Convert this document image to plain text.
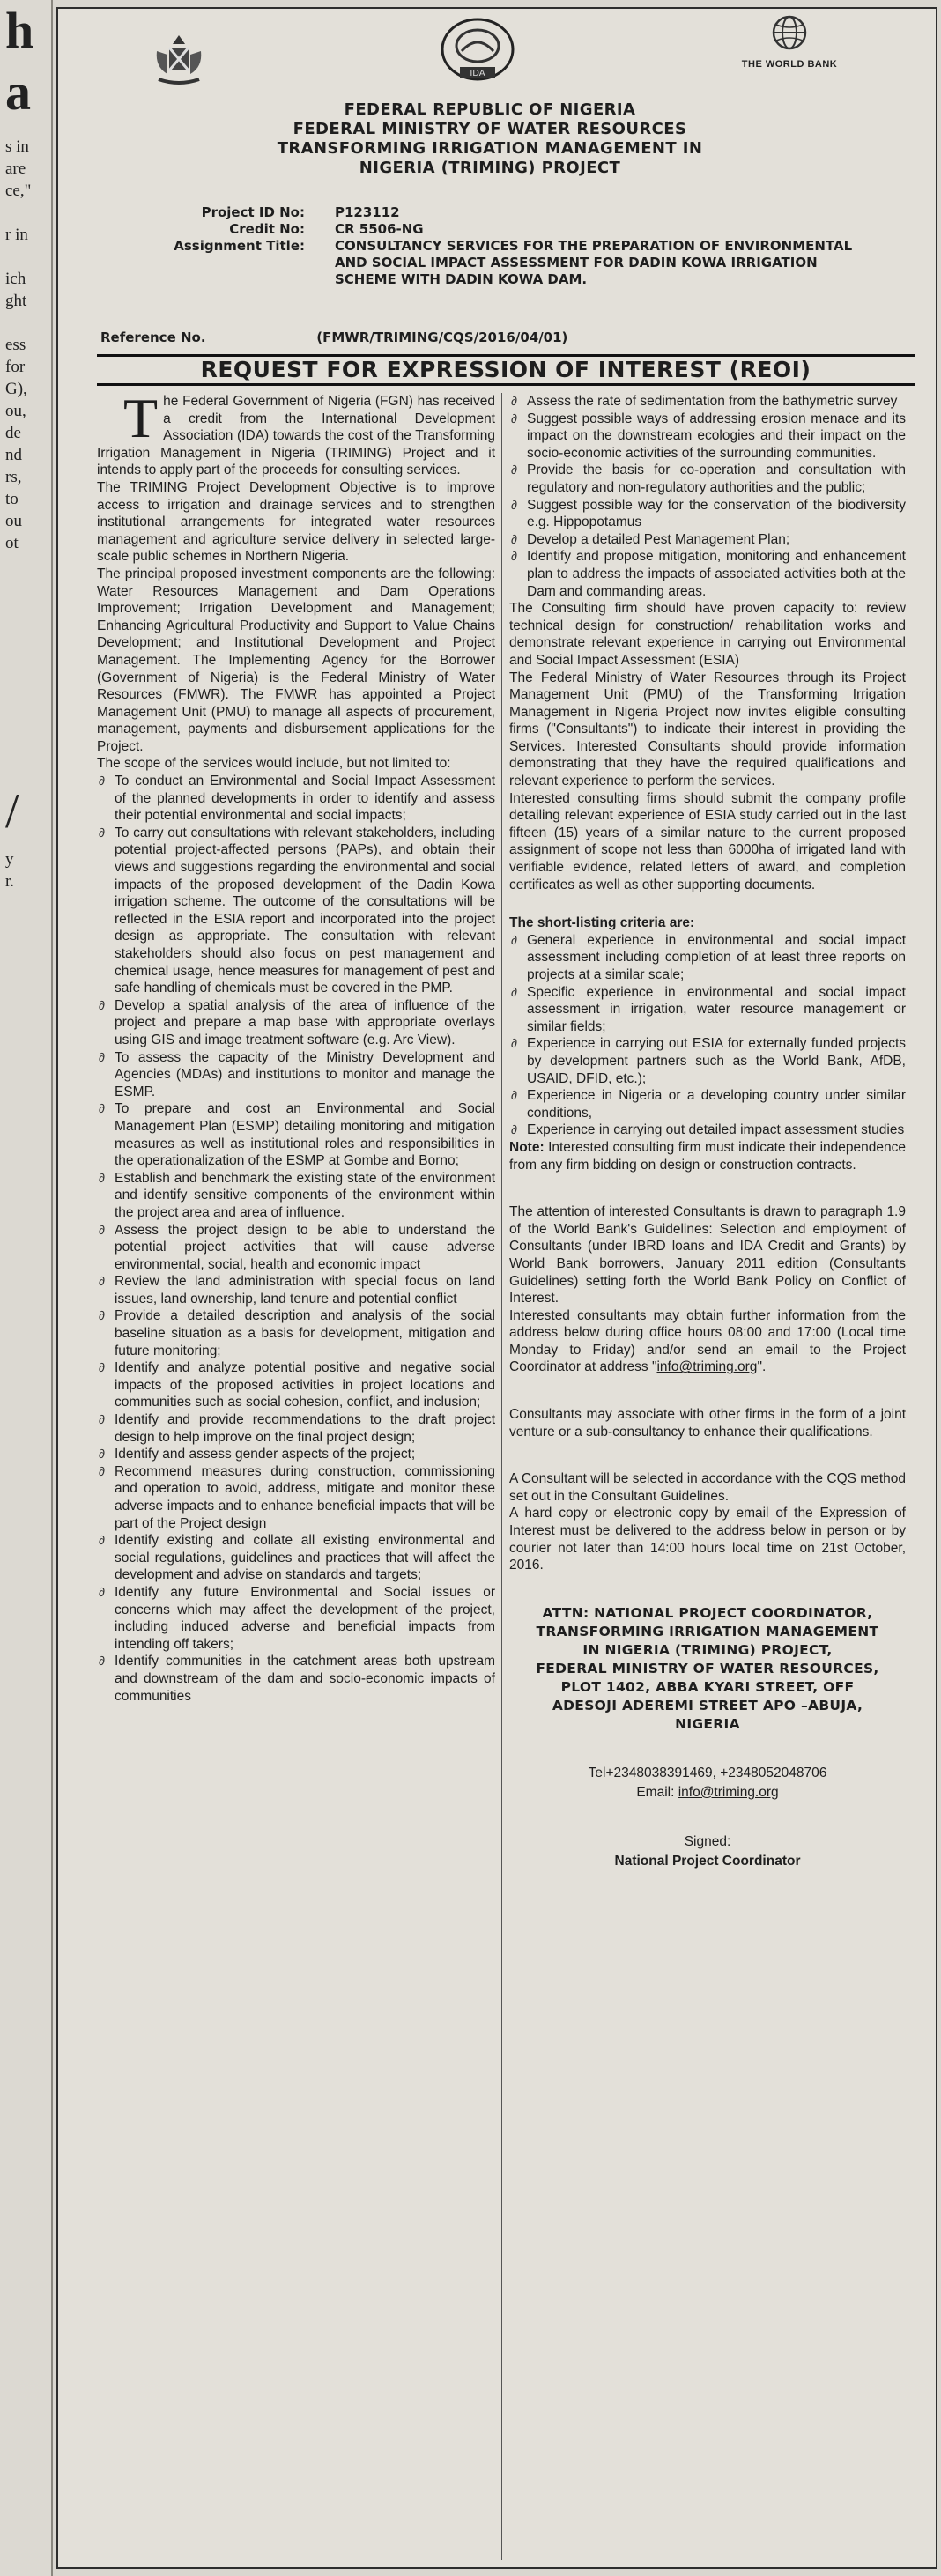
h
a
s in
are
ce,"

r in

ich
ght

ess
for
G),
ou,
de
nd
rs,
to
ou
ot
/
y
r.
IDA
THE WORLD BANK
FEDERAL REPUBLIC OF NIGERIA
FEDERAL MINISTRY OF WATER RESOURCES
TRANSFORMING IRRIGATION MANAGEMENT IN
NIGERIA (TRIMING) PROJECT
Project ID No:	P123112
Credit No:	CR 5506-NG
Assignment Title:	CONSULTANCY SERVICES FOR THE PREPARATION OF ENVIRONMENTAL AND SOCIAL IMPACT ASSESSMENT FOR DADIN KOWA IRRIGATION SCHEME WITH DADIN KOWA DAM.
Reference No.	(FMWR/TRIMING/CQS/2016/04/01)
REQUEST FOR EXPRESSION OF INTEREST (REOI)

The Federal Government of Nigeria (FGN) has received a credit from the International Development Association (IDA) towards the cost of the Transforming Irrigation Management in Nigeria (TRIMING) Project and it intends to apply part of the proceeds for consulting services.

The TRIMING Project Development Objective is to improve access to irrigation and drainage services and to strengthen institutional arrangements for integrated water resources management and agriculture service delivery in selected large-scale public schemes in Northern Nigeria.

The principal proposed investment components are the following: Water Resources Management and Dam Operations Improvement; Irrigation Development and Management; Enhancing Agricultural Productivity and Support to Value Chains Development; and Institutional Development and Project Management. The Implementing Agency for the Borrower (Government of Nigeria) is the Federal Ministry of Water Resources (FMWR). The FMWR has appointed a Project Management Unit (PMU) to manage all aspects of procurement, management, payments and disbursement applications for the Project.

The scope of the services would include, but not limited to:

∂ To conduct an Environmental and Social Impact Assessment of the planned developments in order to identify and assess their potential environmental and social impacts;
∂ To carry out consultations with relevant stakeholders, including potential project-affected persons (PAPs), and obtain their views and suggestions regarding the environmental and social impacts of the proposed development of the Dadin Kowa irrigation scheme. The outcome of the consultations will be reflected in the ESIA report and incorporated into the project design as appropriate. The consultation with relevant stakeholders should also focus on pest management and chemical usage, hence measures for management of pest and safe handling of chemicals must be covered in the PMP.
∂ Develop a spatial analysis of the area of influence of the project and prepare a map base with appropriate overlays using GIS and image treatment software (e.g. Arc View).
∂ To assess the capacity of the Ministry Development and Agencies (MDAs) and institutions to monitor and manage the ESMP.
∂ To prepare and cost an Environmental and Social Management Plan (ESMP) detailing monitoring and mitigation measures as well as institutional roles and responsibilities in the operationalization of the ESMP at Gombe and Borno;
∂ Establish and benchmark the existing state of the environment and identify sensitive components of the environment within the project area and area of influence.
∂ Assess the project design to be able to understand the potential project activities that will cause adverse environmental, social, health and economic impact
∂ Review the land administration with special focus on land issues, land ownership, land tenure and potential conflict
∂ Provide a detailed description and analysis of the social baseline situation as a basis for development, mitigation and future monitoring;
∂ Identify and analyze potential positive and negative social impacts of the proposed activities in project locations and communities such as social cohesion, conflict, and inclusion;
∂ Identify and provide recommendations to the draft project design to help improve on the final project design;
∂ Identify and assess gender aspects of the project;
∂ Recommend measures during construction, commissioning and operation to avoid, address, mitigate and monitor these adverse impacts and to enhance beneficial impacts that will be part of the Project design
∂ Identify existing and collate all existing environmental and social regulations, guidelines and practices that will affect the development and advise on standards and targets;
∂ Identify any future Environmental and Social issues or concerns which may affect the development of the project, including induced adverse and beneficial impacts from intending off takers;
∂ Identify communities in the catchment areas both upstream and downstream of the dam and socio-economic impacts of communities
∂ Assess the rate of sedimentation from the bathymetric survey
∂ Suggest possible ways of addressing erosion menace and its impact on the downstream ecologies and their impact on the socio-economic activities of the surrounding communities.
∂ Provide the basis for co-operation and consultation with regulatory and non-regulatory authorities and the public;
∂ Suggest possible way for the conservation of the biodiversity e.g. Hippopotamus
∂ Develop a detailed Pest Management Plan;
∂ Identify and propose mitigation, monitoring and enhancement plan to address the impacts of associated activities both at the Dam and commanding areas.

The Consulting firm should have proven capacity to: review technical design for construction/ rehabilitation works and demonstrate relevant experience in carrying out Environmental and Social Impact Assessment (ESIA)

The Federal Ministry of Water Resources through its Project Management Unit (PMU) of the Transforming Irrigation Management in Nigeria Project now invites eligible consulting firms ("Consultants") to indicate their interest in providing the Services. Interested Consultants should provide information demonstrating that they have the required qualifications and relevant experience to perform the services.

Interested consulting firms should submit the company profile detailing relevant experience of ESIA study carried out in the last fifteen (15) years of a similar nature to the current proposed assignment of scope not less than 6000ha of irrigated land with verifiable evidence, related letters of award, and completion certificates as well as other supporting documents.

The short-listing criteria are:

∂ General experience in environmental and social impact assessment including completion of at least three reports on projects at a similar scale;
∂ Specific experience in environmental and social impact assessment in irrigation, water resource management or similar fields;
∂ Experience in carrying out ESIA for externally funded projects by development partners such as the World Bank, AfDB, USAID, DFID, etc.);
∂ Experience in Nigeria or a developing country under similar conditions,
∂ Experience in carrying out detailed impact assessment studies

Note: Interested consulting firm must indicate their independence from any firm bidding on design or construction contracts.

The attention of interested Consultants is drawn to paragraph 1.9 of the World Bank's Guidelines: Selection and employment of Consultants (under IBRD loans and IDA Credit and Grants) by World Bank borrowers, January 2011 edition (Consultants Guidelines) setting forth the World Bank Policy on Conflict of Interest.

Interested consultants may obtain further information from the address below during office hours 08:00 and 17:00 (Local time Monday to Friday) and/or send an email to the Project Coordinator at address "info@triming.org".

Consultants may associate with other firms in the form of a joint venture or a sub-consultancy to enhance their qualifications.

A Consultant will be selected in accordance with the CQS method set out in the Consultant Guidelines.

A hard copy or electronic copy by email of the Expression of Interest must be delivered to the address below in person or by courier not later than 14:00 hours local time on 21st October, 2016.

ATTN: NATIONAL PROJECT COORDINATOR,
TRANSFORMING IRRIGATION MANAGEMENT
IN NIGERIA (TRIMING) PROJECT,
FEDERAL MINISTRY OF WATER RESOURCES,
PLOT 1402, ABBA KYARI STREET, OFF
ADESOJI ADEREMI STREET APO –ABUJA,
NIGERIA
Tel+2348038391469, +2348052048706
Email: info@triming.org
Signed:
National Project Coordinator
